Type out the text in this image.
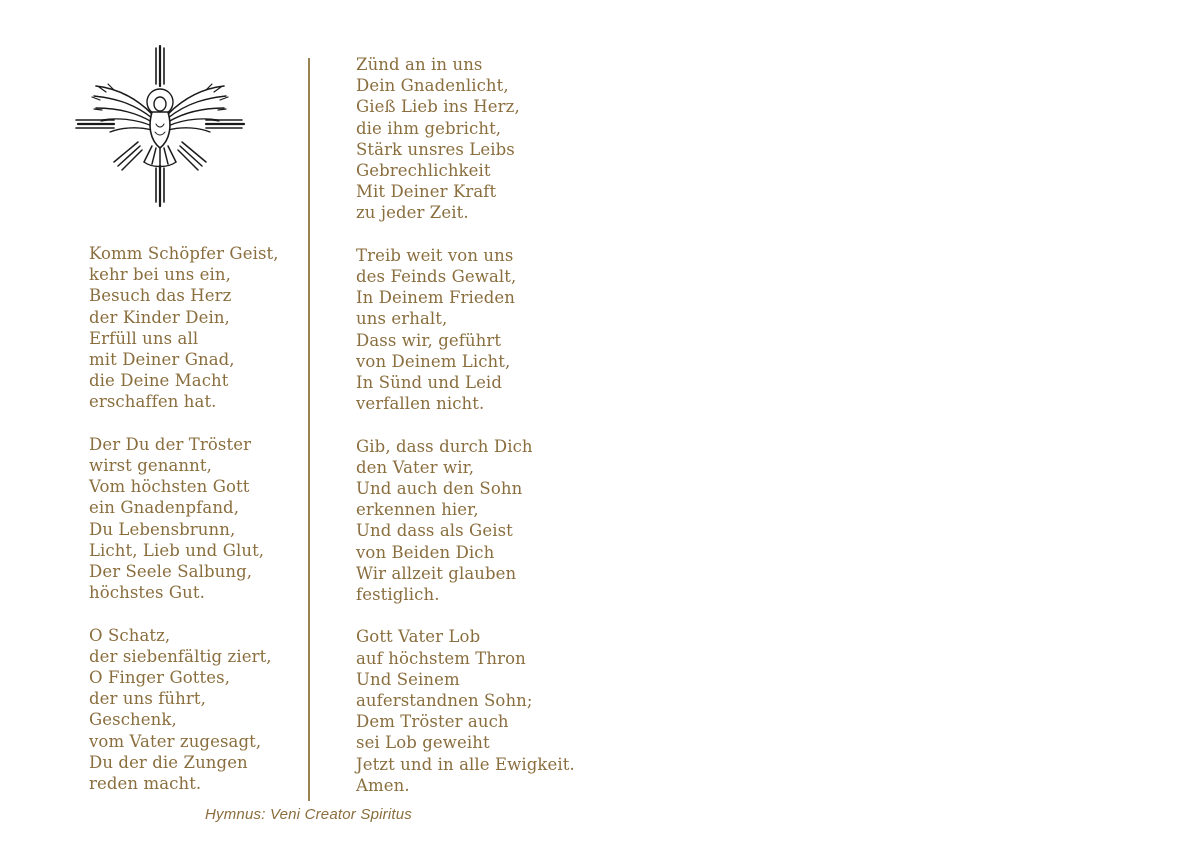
Komm Schöpfer Geist,
kehr bei uns ein,
Besuch das Herz
der Kinder Dein,
Erfüll uns all
mit Deiner Gnad,
die Deine Macht
erschaffen hat.
Der Du der Tröster
wirst genannt,
Vom höchsten Gott
ein Gnadenpfand,
Du Lebensbrunn,
Licht, Lieb und Glut,
Der Seele Salbung,
höchstes Gut.
O Schatz,
der siebenfältig ziert,
O Finger Gottes,
der uns führt,
Geschenk,
vom Vater zugesagt,
Du der die Zungen
reden macht.
Zünd an in uns
Dein Gnadenlicht,
Gieß Lieb ins Herz,
die ihm gebricht,
Stärk unsres Leibs
Gebrechlichkeit
Mit Deiner Kraft
zu jeder Zeit.
Treib weit von uns
des Feinds Gewalt,
In Deinem Frieden
uns erhalt,
Dass wir, geführt
von Deinem Licht,
In Sünd und Leid
verfallen nicht.
Gib, dass durch Dich
den Vater wir,
Und auch den Sohn
erkennen hier,
Und dass als Geist
von Beiden Dich
Wir allzeit glauben
festiglich.
Gott Vater Lob
auf höchstem Thron
Und Seinem
auferstandnen Sohn;
Dem Tröster auch
sei Lob geweiht
Jetzt und in alle Ewigkeit.
Amen.
Hymnus: Veni Creator Spiritus
